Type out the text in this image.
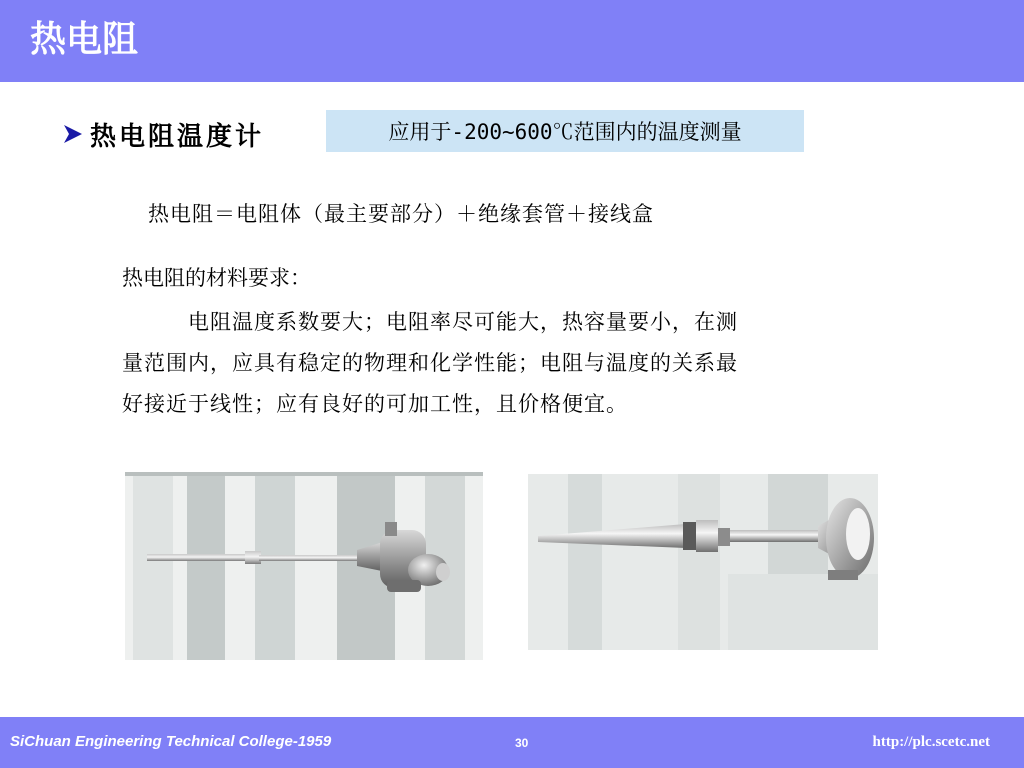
热电阻
热电阻温度计	应用于-200~600℃范围内的温度测量
热电阻＝电阻体（最主要部分）＋绝缘套管＋接线盒
热电阻的材料要求：
　　　电阻温度系数要大；电阻率尽可能大，热容量要小，在测
量范围内，应具有稳定的物理和化学性能；电阻与温度的关系最
好接近于线性；应有良好的可加工性，且价格便宜。
SiChuan Engineering Technical College-1959	30	http://plc.scetc.net
